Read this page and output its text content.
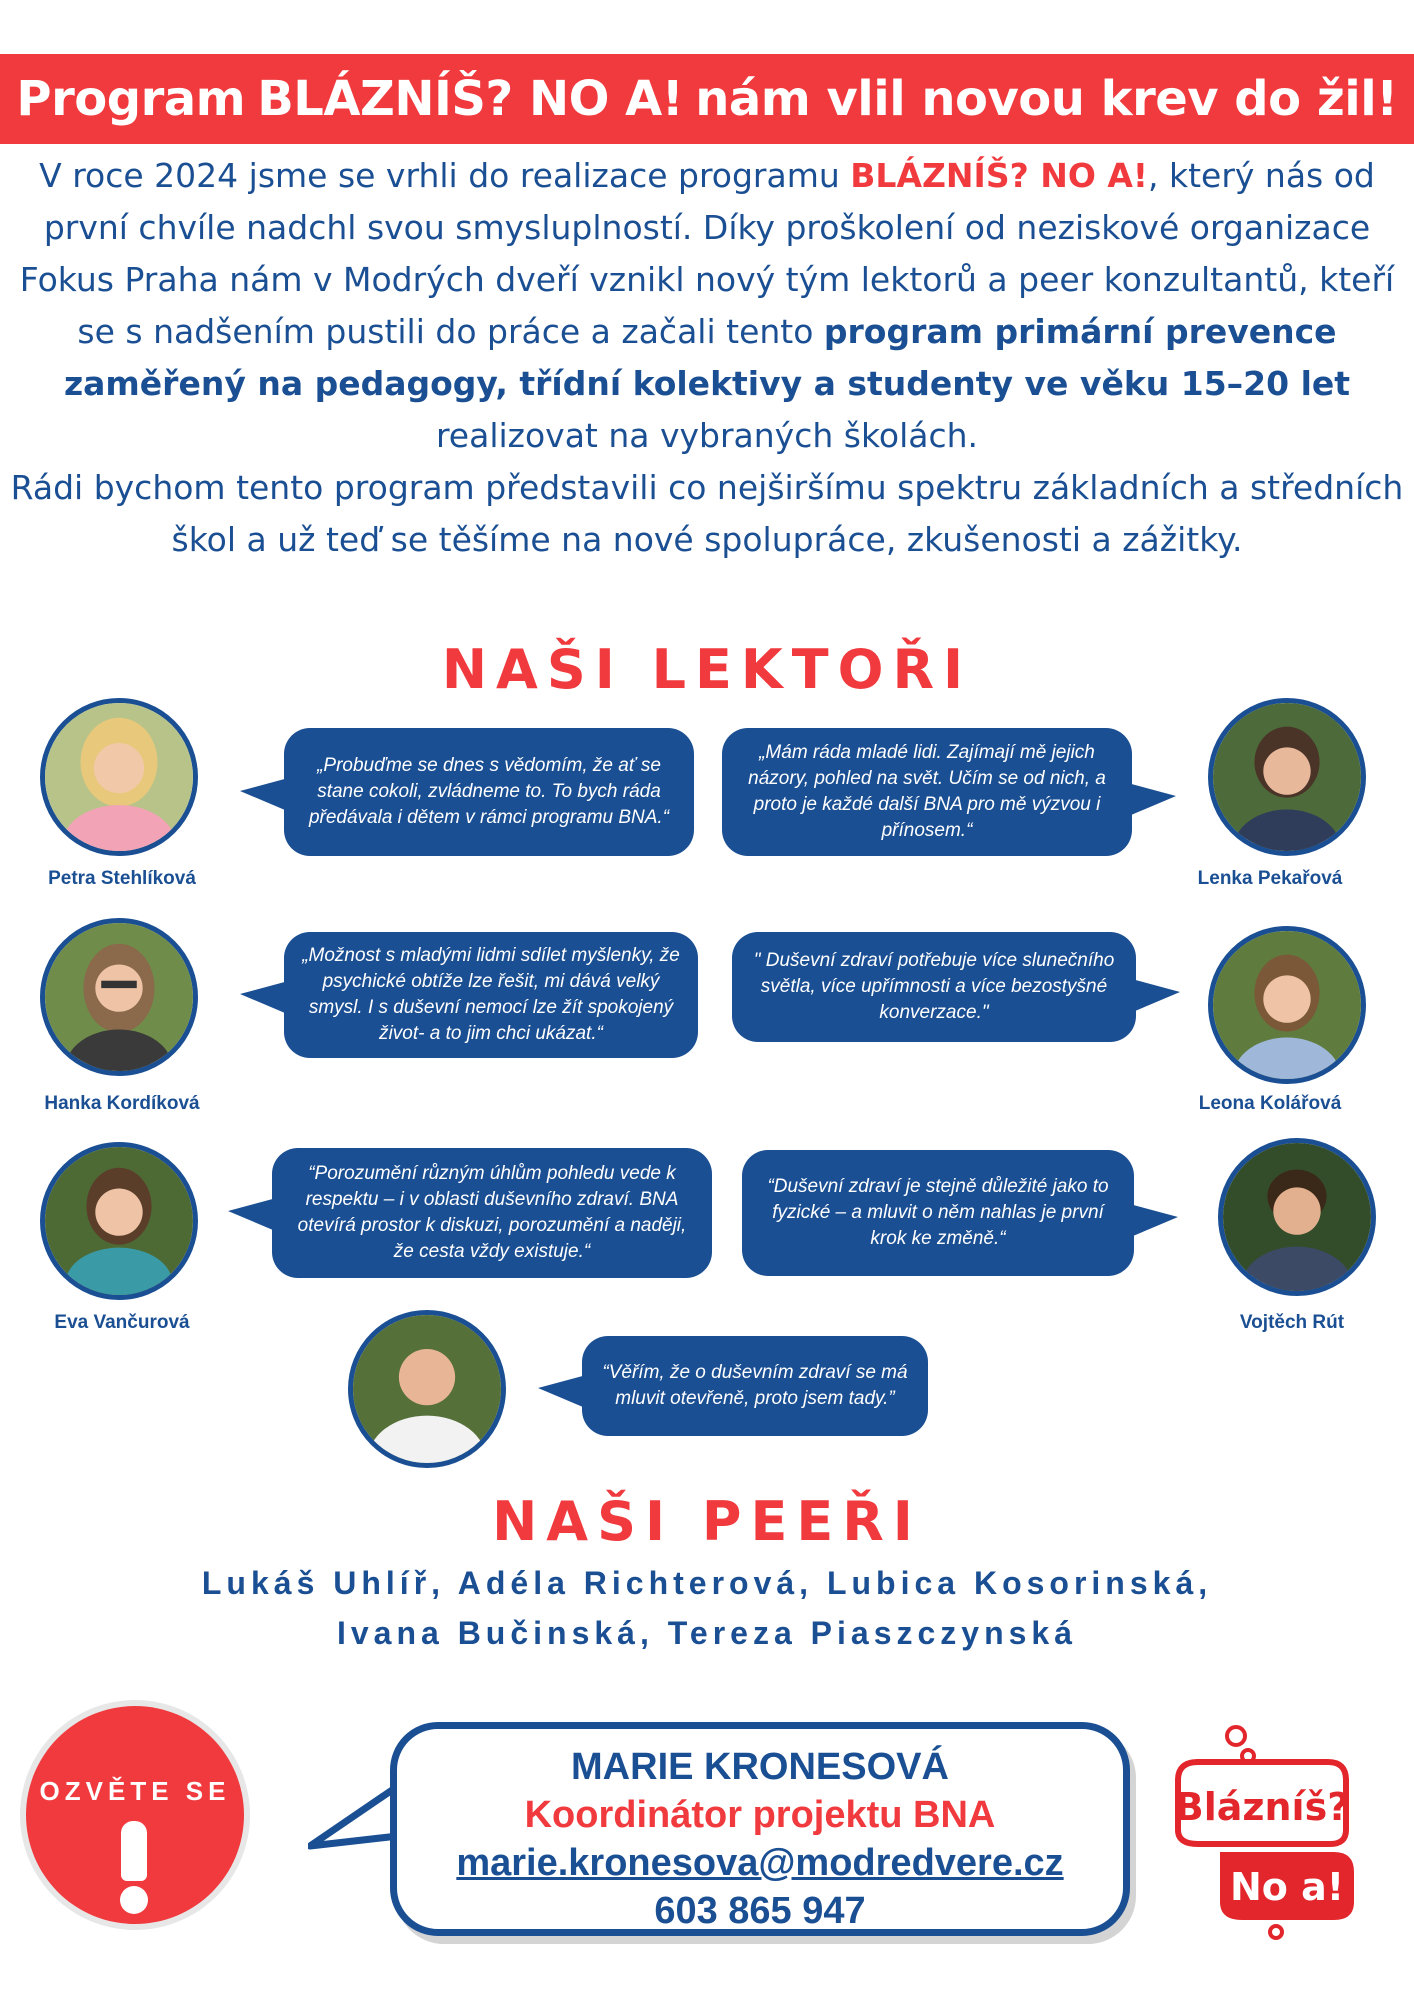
Program BLÁZNÍŠ? NO A! nám vlil novou krev do žil!

V roce 2024 jsme se vrhli do realizace programu BLÁZNÍŠ? NO A!, který nás od první chvíle nadchl svou smysluplností. Díky proškolení od neziskové organizace Fokus Praha nám v Modrých dveří vznikl nový tým lektorů a peer konzultantů, kteří se s nadšením pustili do práce a začali tento program primární prevence zaměřený na pedagogy, třídní kolektivy a studenty ve věku 15–20 let realizovat na vybraných školách.

Rádi bychom tento program představili co nejširšímu spektru základních a středních škol a už teď se těšíme na nové spolupráce, zkušenosti a zážitky.

NAŠI LEKTOŘI
Petra Stehlíková
„Probuďme se dnes s vědomím, že ať se stane cokoli, zvládneme to. To bych ráda předávala i dětem v rámci programu BNA.“
Lenka Pekařová
„Mám ráda mladé lidi. Zajímají mě jejich názory, pohled na svět. Učím se od nich, a proto je každé další BNA pro mě výzvou i přínosem.“
Hanka Kordíková
„Možnost s mladými lidmi sdílet myšlenky, že psychické obtíže lze řešit, mi dává velký smysl. I s duševní nemocí lze žít spokojený život- a to jim chci ukázat.“
Leona Kolářová
" Duševní zdraví potřebuje více slunečního světla, více upřímnosti a více bezostyšné konverzace."
Eva Vančurová
“Porozumění různým úhlům pohledu vede k respektu – i v oblasti duševního zdraví. BNA otevírá prostor k diskuzi, porozumění a naději, že cesta vždy existuje.“
Vojtěch Rút
“Duševní zdraví je stejně důležité jako to fyzické – a mluvit o něm nahlas je první krok ke změně.“
“Věřím, že o duševním zdraví se má mluvit otevřeně, proto jsem tady.”
NAŠI PEEŘI
Lukáš Uhlíř, Adéla Richterová, Lubica Kosorinská,
Ivana Bučinská, Tereza Piaszczynská
OZVĚTE SE
MARIE KRONESOVÁ
Koordinátor projektu BNA
marie.kronesova@modredvere.cz
603 865 947
Blázníš?
No a!
